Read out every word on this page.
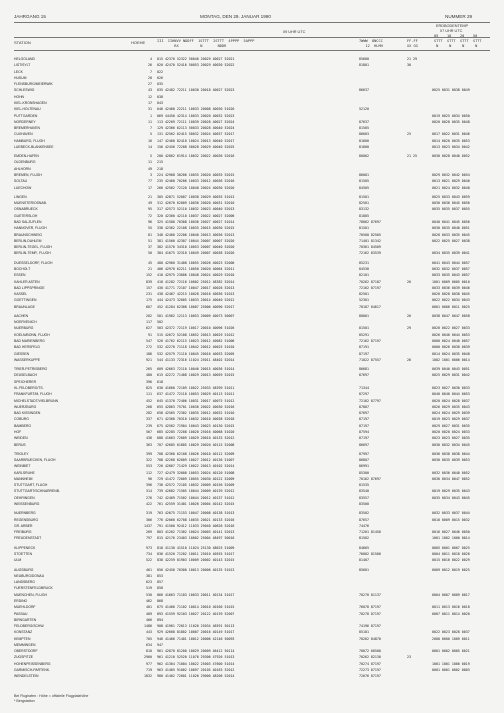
JAHRGANG 15	MONTAG, DEN 29. JANUAR 1990	NUMMER 29
09 UHR UTC
ERDBODENTEMP
07 UHR UTC
STATION	HOEHE	III  IIHNVV NDDFF  1STTT  2STTT  4PPPP  5APPP
RX          N       NDDR
7WWW  8NCCC
12  HLMH
FF-FF
XX GG
05    10    20    50
STTT  STTT  STTT  STTT
N     N     N     N
HELGOLAND	4 015 42370 52322 50046 20029 40027 52021	85600	21 29
LIST/SYLT	26 020 42470 52416 50053 20029 40030 52022	81801	30
LECK	7 022
HUSUM	28 026
FLENSBURG/MEIERWIK	27 035
SCHLESWIG	43 035 42482 72211 10030 20018 40027 52023	86637	0025 0031 0038 0049
HOHN	12 038
KIEL-KRONSHAGEN	17 043
KIEL-HOLTENAU	31 046 42460 22211 10033 20008 40030 51020	52120
PUTTGARDEN	1 069 44450 42314 10033 20020 40032 52023	0019 0025 0034 0050
NORDERNEY	11 113 42269 72111 10039 20028 40027 52024	87637	0020 0028 0035 0048
BREMERHAVEN	7 129 42366 62113 50033 20028 40040 52024	81505
CUXHAVEN	5 131 42562 62415 50032 20024 40037 52017	86603	25	0017 0022 0031 0046
HAMBURG, FLUGH	16 147 42460 82410 10024 20013 40040 52017	81600	0014 0020 0035 0053
LUEBECK-BLANKENSEE	14 156 42456 72208 50028 20029 40040 52025	81600	0013 0023 0034 0042
EMDEN-HAFEN	5 200 42862 61914 10032 20022 40036 52016	80002	21 25	0030 0028 0040 0052
OLDENBURG	11 215
AHLHORN	49 218
BREMEN, FLUGH	3 224 42968 30206 10035 20020 40035 52015	86001	0029 0032 0042 0054
SOLTAU	77 235 42460 70206 10033 20012 40036 52016	81505	0013 0021 0029 0040
LUECHOW	17 266 42562 72120 10040 20024 40030 52020	84505	0021 0024 0032 0040
LINGEN	21 305 42871 52007 10038 20029 40035 51013	81501	0025 0033 0043 0059
MUENSTER/OSNAB.	49 312 42670 62009 10036 20020 40031 52010	82501	0030 0036 0045 0056
OSNABRUECK	95 317 42573 52110 10032 20023 40040 52013	83132	0035 0035 0037 0055
GUETERSLOH	72 320 42360 42110 10037 20022 40027 52006	81805
BAD SALZUFLEN	96 325 41580 70308 10036 20027 40027 51014	78062 87697	0040 0041 0045 0056
HANNOVER, FLUGH	55 338 42362 22108 10035 20015 40030 52015	81501	0030 0035 0040 0051
BRAUNSCHWEIG	81 348 42460 22206 10040 20013 40036 52013	70500 82505	0028 0033 0035 0045
BERLIN-DAHLEM	51 381 41560 42307 10044 20007 40007 52020	71401 81342	0022 0025 0027 0038
BERLIN-TEGEL, FLUGH	37 382 41570 34310 10053 20007 40040 52020	70361 84509
BERLIN-TEMP., FLUGH	50 384 41675 32310 10049 20007 40038 52020	72162 83539	0034 0035 0039 0041
DUESSELDORF, FLUGH	45 400 42960 31408 10055 20026 40023 52000	85231	0041 0043 0044 0057
BOCHOLT	21 406 42970 62211 10050 20020 40064 52011	84530	0032 0032 0037 0057
ESSEN	152 410 42975 23006 10048 20024 40029 52010	82101	0033 0035 0043 0057
KAHLER ASTEN	839 418 41282 72116 10002 25012 48382 52014	70262 87187	26	1001 0009 0005 0010
BAD LIPPSPRINGE	157 430 41771 72107 10047 20017 40026 52013	72162 87197	0033 0036 0039 0046
KASSEL	231 438 42467 42215 10028 20016 40036 51013	82501	0020 0028 0030 0045
GOETTINGEN	175 444 42473 32005 10033 20014 40040 52012	52301	0022 0022 0034 0043
BRAUNLAGE	607 452 41284 62308 10007 25006 40090 52017	70187 84617	0001 0006 0011 0025
AACHEN	202 501 41962 12113 10053 20009 40073 50007	80001	26	0038 0047 0047 0058
NOERVENICH	117 502
NUERBURG	627 503 42372 72119 10017 20010 40096 51026	81501	29	0020 0022 0027 0033
KOELN/BONN, FLUGH	91 515 42672 52108 10052 20013 40029 51012	85291	0026 0040 0044 0053
BAD MARIENBERG	547 526 41762 62115 10023 20012 40082 51006	72162 87197	0000 0024 0040 0057
BAD HERSFELD	272 532 42270 71118 10042 20012 40025 51010	87191	0000 0026 0030 0039
GIESSEN	186 532 42579 71110 10045 20016 40033 52005	87197	0014 0024 0035 0048
WASSERKUPPE	921 544 41133 72316 11024 25011 48402 52014	71022 87557	26	1002 1001 0006 0014
TRIER-PETRISBERG	265 609 42663 72110 10046 20015 40036 51014	86681	0039 0040 0043 0051
DEUSELBACH	480 615 42272 71408 10029 20013 40059 52015	87697	0025 0029 0031 0042
SPEICHERER	396 618
KL.FELDBERG/TS.	825 630 41660 72109 10022 25033 48399 51011	71344	0023 0027 0030 0033
FRANKFURT/M, FLUGH	111 637 41472 72110 10053 20029 40113 51011	87297	0040 0040 0044 0053
MICHELSTADT/VIELBRUNN	452 645 41370 72406 10031 20017 40075 51012	72162 87797	0020 0024 0028 0037
WUERZBURG	268 655 42863 75701 10036 20022 40030 52016	87807	0026 0029 0035 0043
BAD KISSINGEN	282 658 42565 72302 10035 20012 40032 51010	87697	0024 0024 0029 0039
COBURG	337 671 42360 70310 10032 20010 40038 52018	87197	0019 0023 0029 0037
BAMBERG	239 675 42562 71904 10043 20023 40130 52015	87197	0029 0027 0031 0035
HOF	567 685 42285 72208 10020 25016 40068 51020	87594	0020 0020 0024 0033
WEIDEN	438 688 41663 72009 10029 20010 40133 52012	87197	0023 0023 0027 0035
BERUS	363 707 42685 61805 10029 20020 40115 52008	86697	0030 0032 0034 0045
TRIOLEY	399 708 42360 62108 10026 20010 40112 52009	87997	0036 0038 0038 0044
SAARBRUECKEN, FLUGH	322 708 42268 62009 10027 20012 40136 51007	86807	0030 0035 0039 0053
WEINBIET	553 726 42067 71429 10022 20013 40102 52014	86991
KARLSRUHE	112 727 42479 32008 10053 20024 40120 51008	85300	0032 0036 0040 0052
MANNHEIM	96 729 41472 72009 10055 20030 40122 52009	70162 87697	0030 0034 0047 0052
STUTTGART, FLUGH	396 738 42572 72105 10032 20009 40156 52009	81535
STUTTGART/SCHNARRENB.	314 739 42682 71505 10044 20009 40139 52012	83540	0019 0029 0035 0043
OEHRINGEN	276 742 42469 71502 10044 20012 40137 51012	83557	0035 0034 0043 0045
WEISSENBURG	422 761 42559 31401 10026 20004 40142 52015	83500
NUERNBERG	319 763 42675 71153 10047 20008 40138 51013	83502	0032 0033 0037 0044
REGENSBURG	366 776 42060 62708 10035 20021 40133 52016	87657	0010 0009 0015 0032
GR. ARBER	1437 791 41500 92412 11033 29040 40626 52016	74476
FREIBURG	269 803 41262 71302 10024 20003 40141 52013	71201 81450	0016 0027 0046 0050
FREUDENSTADT	797 815 42176 23403 10002 25004 48497 50010	81502	1001 1002 1000 0014
KLIPPENECK	973 818 41130 41510 11024 25130 48625 51009	84665	0005 0001 0007 0025
STOETTEN	734 836 41520 71202 10011 25010 40555 51017	76002 81500	0004 0011 0018 0026
ULM	522 838 42259 81903 10009 20002 40143 52015	81407	0015 0016 0022 0029
AUGSBURG	461 856 42456 70300 10013 20006 40135 51013	85601	0009 0012 0019 0025
NEUBURG/DONAU	381 853
LANDSBERG	623 857
FUERSTENFELDBRUCK	519 858
MUENCHEN, FLUGH	530 866 41663 71103 10033 20011 40134 51017	70278 81137	0004 0007 0009 0017
ERDING	462 868
MUEHLDORF	401 875 41466 71102 10014 20010 40160 51015	76078 87197	0011 0013 0016 0018
PASSAU	409 893 41559 92103 10027 20122 40139 52007	70278 87197	0007 0011 0014 0020
BIRNGARTEN	466 894
FELDBERG/SCHW.	1486 908 41961 72013 11020 25034 46591 50113	74196 87197
KONSTANZ	443 929 42668 81802 10007 20016 40149 51017	85101	0022 0023 0028 0037
KEMPTEN	705 946 41466 71401 10012 20006 42146 50093	70262 84870	2000 0000 1009 0011
MEMMINGEN	634 947
OBERSTDORF	810 961 42870 81200 10029 20009 46412 50114	70072 60500	0001 0002 0005 0021
ZUGSPITZE	2960 961 41210 52520 11076 29306 47926 51013	70262 82130	23
HOHENPEISSENBERG	977 962 41364 71004 10022 25003 47600 51014	70274 87197	1001 1001 1000 0019
GARMISCH-PARTENK.	719 963 41465 91002 10097 20105 40163 52012	72273 87197	0001 0001 0002 0003
WENDELSTEIN	1832 980 41462 72601 11026 29000 48206 52014	72676 87197
Bei Flughafen : Höhe = offizielle Flugplatzhöhe
* Bergstation
